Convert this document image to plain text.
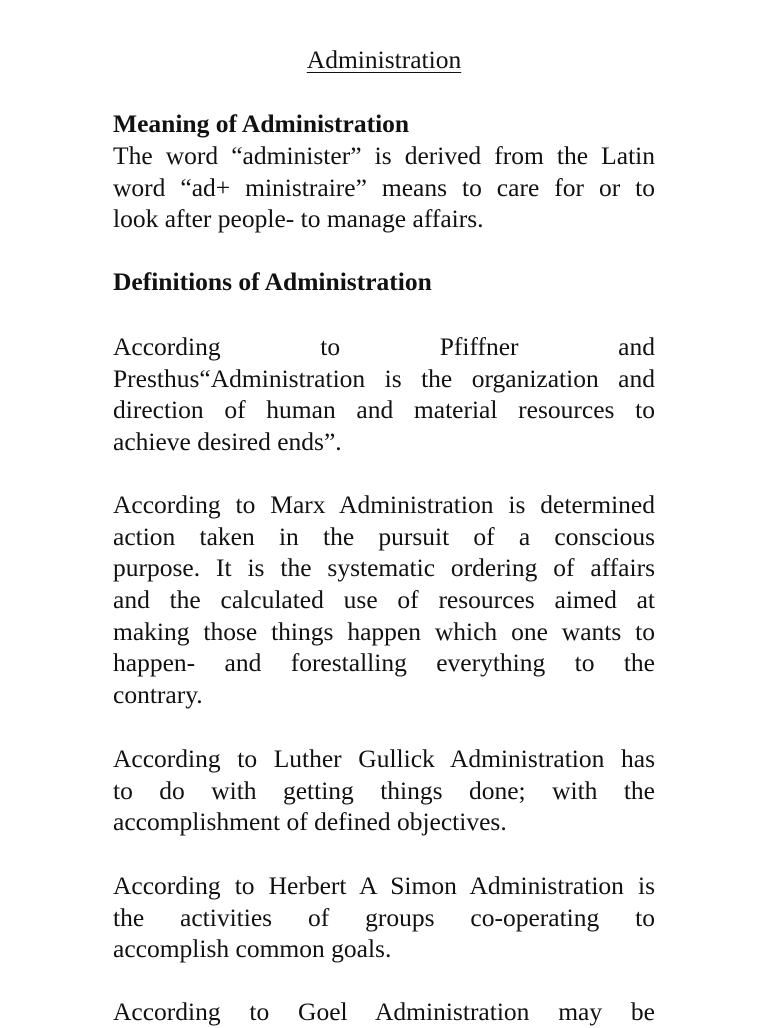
Administration
Meaning of Administration

The word “administer” is derived from the Latin
word “ad+ ministraire” means to care for or to
look after people- to manage affairs.

Definitions of Administration

According to Pfiffner and
Presthus“Administration is the organization and
direction of human and material resources to
achieve desired ends”.

According to Marx Administration is determined
action taken in the pursuit of a conscious
purpose. It is the systematic ordering of affairs
and the calculated use of resources aimed at
making those things happen which one wants to
happen- and forestalling everything to the
contrary.

According to Luther Gullick Administration has
to do with getting things done; with the
accomplishment of defined objectives.

According to Herbert A Simon Administration is
the activities of groups co-operating to
accomplish common goals.

According to Goel Administration may be
